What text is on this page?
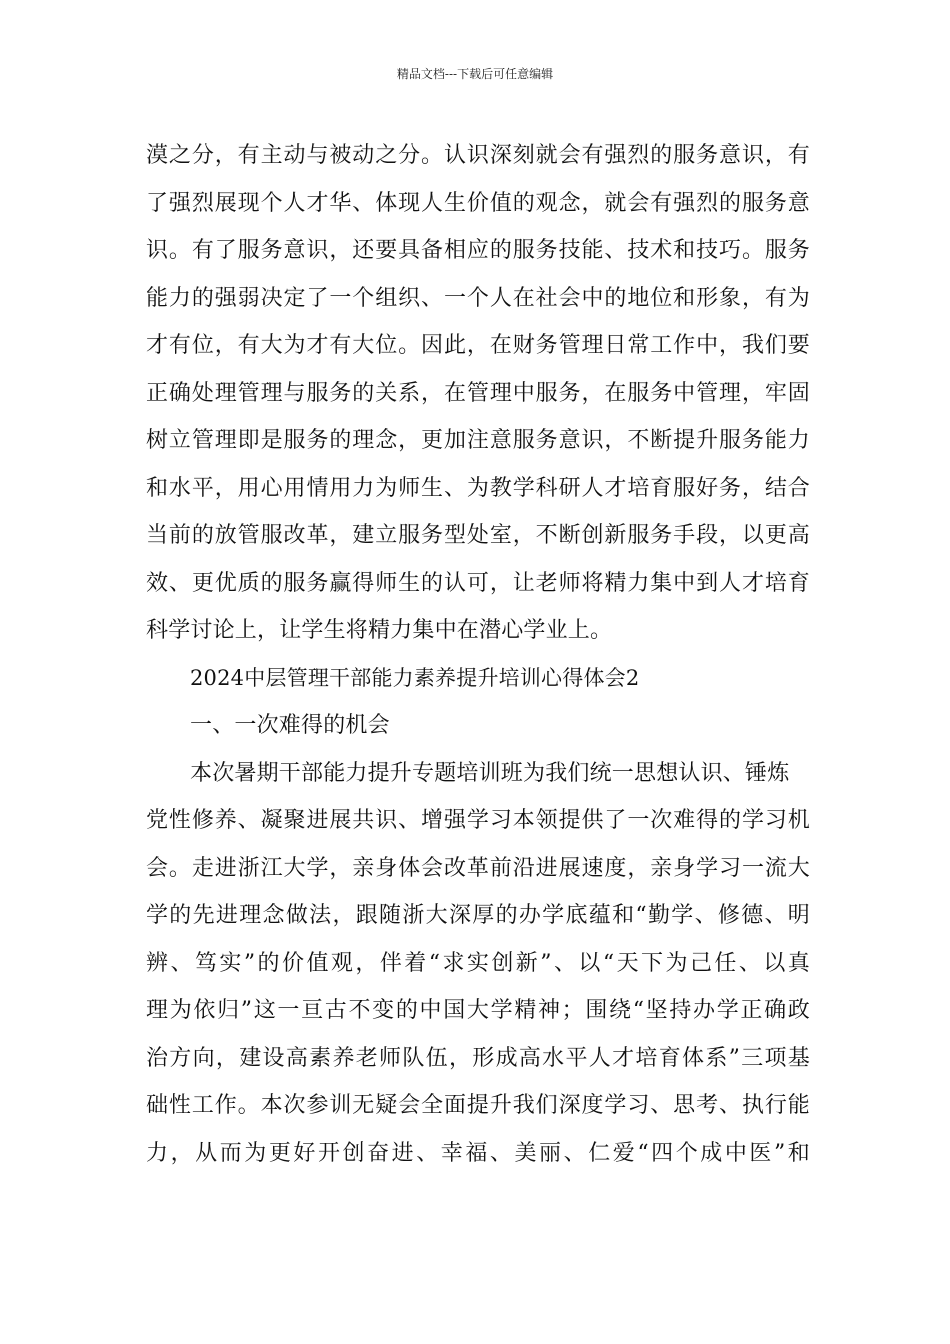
精品文档---下载后可任意编辑
漠之分，有主动与被动之分。认识深刻就会有强烈的服务意识，有
了强烈展现个人才华、体现人生价值的观念，就会有强烈的服务意
识。有了服务意识，还要具备相应的服务技能、技术和技巧。服务
能力的强弱决定了一个组织、一个人在社会中的地位和形象，有为
才有位，有大为才有大位。因此，在财务管理日常工作中，我们要
正确处理管理与服务的关系，在管理中服务，在服务中管理，牢固
树立管理即是服务的理念，更加注意服务意识，不断提升服务能力
和水平，用心用情用力为师生、为教学科研人才培育服好务，结合
当前的放管服改革，建立服务型处室，不断创新服务手段，以更高
效、更优质的服务赢得师生的认可，让老师将精力集中到人才培育
科学讨论上，让学生将精力集中在潜心学业上。
2024中层管理干部能力素养提升培训心得体会2
一、一次难得的机会
本次暑期干部能力提升专题培训班为我们统一思想认识、锤炼
党性修养、凝聚进展共识、增强学习本领提供了一次难得的学习机
会。走进浙江大学，亲身体会改革前沿进展速度，亲身学习一流大
学的先进理念做法，跟随浙大深厚的办学底蕴和“勤学、修德、明
辨、笃实”的价值观，伴着“求实创新”、以“天下为己任、以真
理为依归”这一亘古不变的中国大学精神；围绕“坚持办学正确政
治方向，建设高素养老师队伍，形成高水平人才培育体系”三项基
础性工作。本次参训无疑会全面提升我们深度学习、思考、执行能
力，从而为更好开创奋进、幸福、美丽、仁爱“四个成中医”和
